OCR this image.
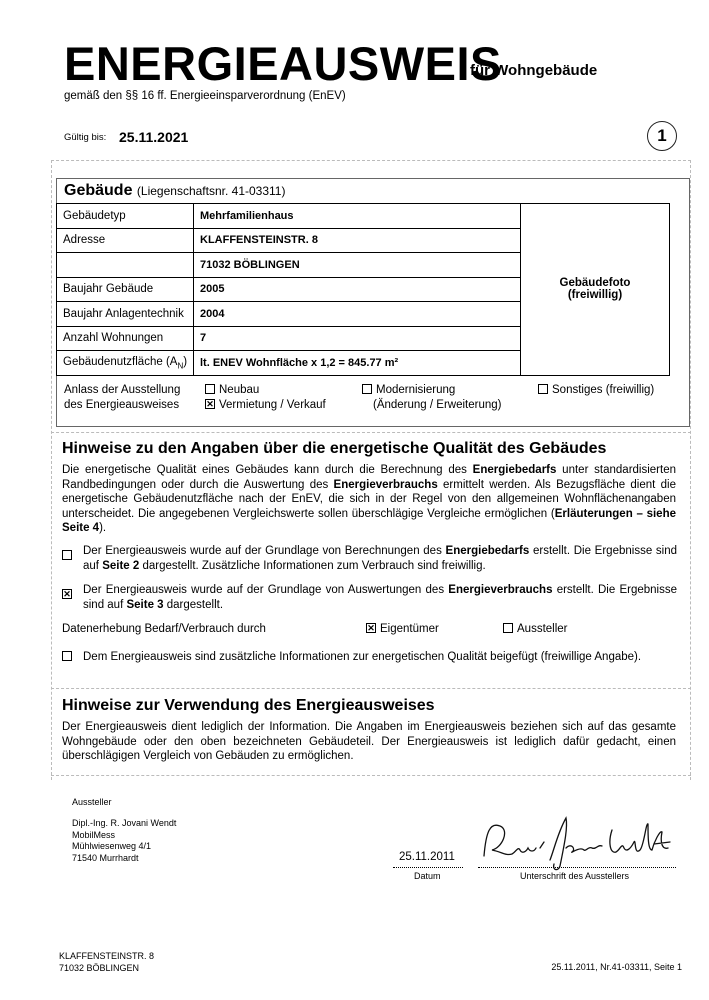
ENERGIEAUSWEIS
für Wohngebäude
gemäß den §§ 16 ff. Energieeinsparverordnung (EnEV)
Gültig bis: 25.11.2021	1
Gebäude (Liegenschaftsnr. 41-03311)
Gebäudetyp	Mehrfamilienhaus	Gebäudefoto
(freiwillig)

Adresse	KLAFFENSTEINSTR. 8	
	71032 BÖBLINGEN	
Baujahr Gebäude	2005	
Baujahr Anlagentechnik	2004	
Anzahl Wohnungen	7	
Gebäudenutzfläche $(A_N)$	lt. ENEV Wohnfläche x 1,2 = 845.77 m²	
Anlass der Ausstellung
des Energieausweises
Neubau
✕ Vermietung / Verkauf
Modernisierung
(Änderung / Erweiterung)
Sonstiges (freiwillig)
Hinweise zu den Angaben über die energetische Qualität des Gebäudes
Die energetische Qualität eines Gebäudes kann durch die Berechnung des Energiebedarfs unter standardisierten Randbedingungen oder durch die Auswertung des Energieverbrauchs ermittelt werden. Als Bezugsfläche dient die energetische Gebäudenutzfläche nach der EnEV, die sich in der Regel von den allgemeinen Wohnflächenangaben unterscheidet. Die angegebenen Vergleichswerte sollen überschlägige Vergleiche ermöglichen (Erläuterungen – siehe Seite 4).
Der Energieausweis wurde auf der Grundlage von Berechnungen des Energiebedarfs erstellt. Die Ergebnisse sind auf Seite 2 dargestellt. Zusätzliche Informationen zum Verbrauch sind freiwillig.
✕	Der Energieausweis wurde auf der Grundlage von Auswertungen des Energieverbrauchs erstellt. Die Ergebnisse sind auf Seite 3 dargestellt.
Datenerhebung Bedarf/Verbrauch durch	✕ Eigentümer	Aussteller
Dem Energieausweis sind zusätzliche Informationen zur energetischen Qualität beigefügt (freiwillige Angabe).
Hinweise zur Verwendung des Energieausweises
Der Energieausweis dient lediglich der Information. Die Angaben im Energieausweis beziehen sich auf das gesamte Wohngebäude oder den oben bezeichneten Gebäudeteil. Der Energieausweis ist lediglich dafür gedacht, einen überschlägigen Vergleich von Gebäuden zu ermöglichen.
Aussteller
Dipl.-Ing. R. Jovani Wendt
MobilMess
Mühlwiesenweg 4/1
71540 Murrhardt	25.11.2011
Datum	Unterschrift des Ausstellers
KLAFFENSTEINSTR. 8
71032 BÖBLINGEN	25.11.2011, Nr.41-03311, Seite 1
